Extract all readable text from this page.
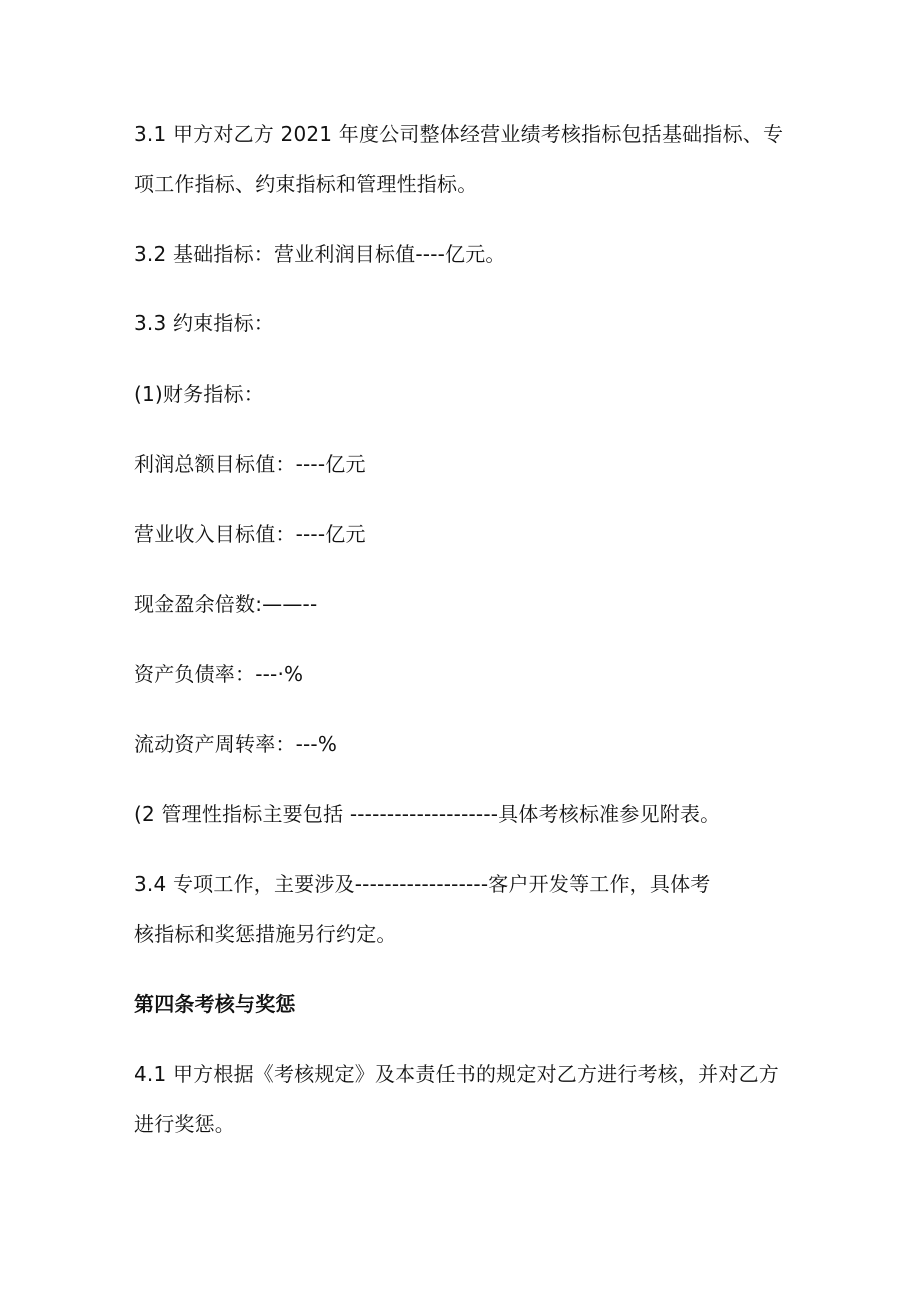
3.1 甲方对乙方 2021 年度公司整体经营业绩考核指标包括基础指标、专
项工作指标、约束指标和管理性指标。
3.2 基础指标：营业利润目标值----亿元。
3.3 约束指标：
(1)财务指标：
利润总额目标值：----亿元
营业收入目标值：----亿元
现金盈余倍数:——--
资产负债率：---·%
流动资产周转率：---%
(2 管理性指标主要包括 --------------------具体考核标准参见附表。
3.4 专项工作，主要涉及------------------客户开发等工作，具体考
核指标和奖惩措施另行约定。
第四条考核与奖惩
4.1 甲方根据《考核规定》及本责任书的规定对乙方进行考核，并对乙方
进行奖惩。
